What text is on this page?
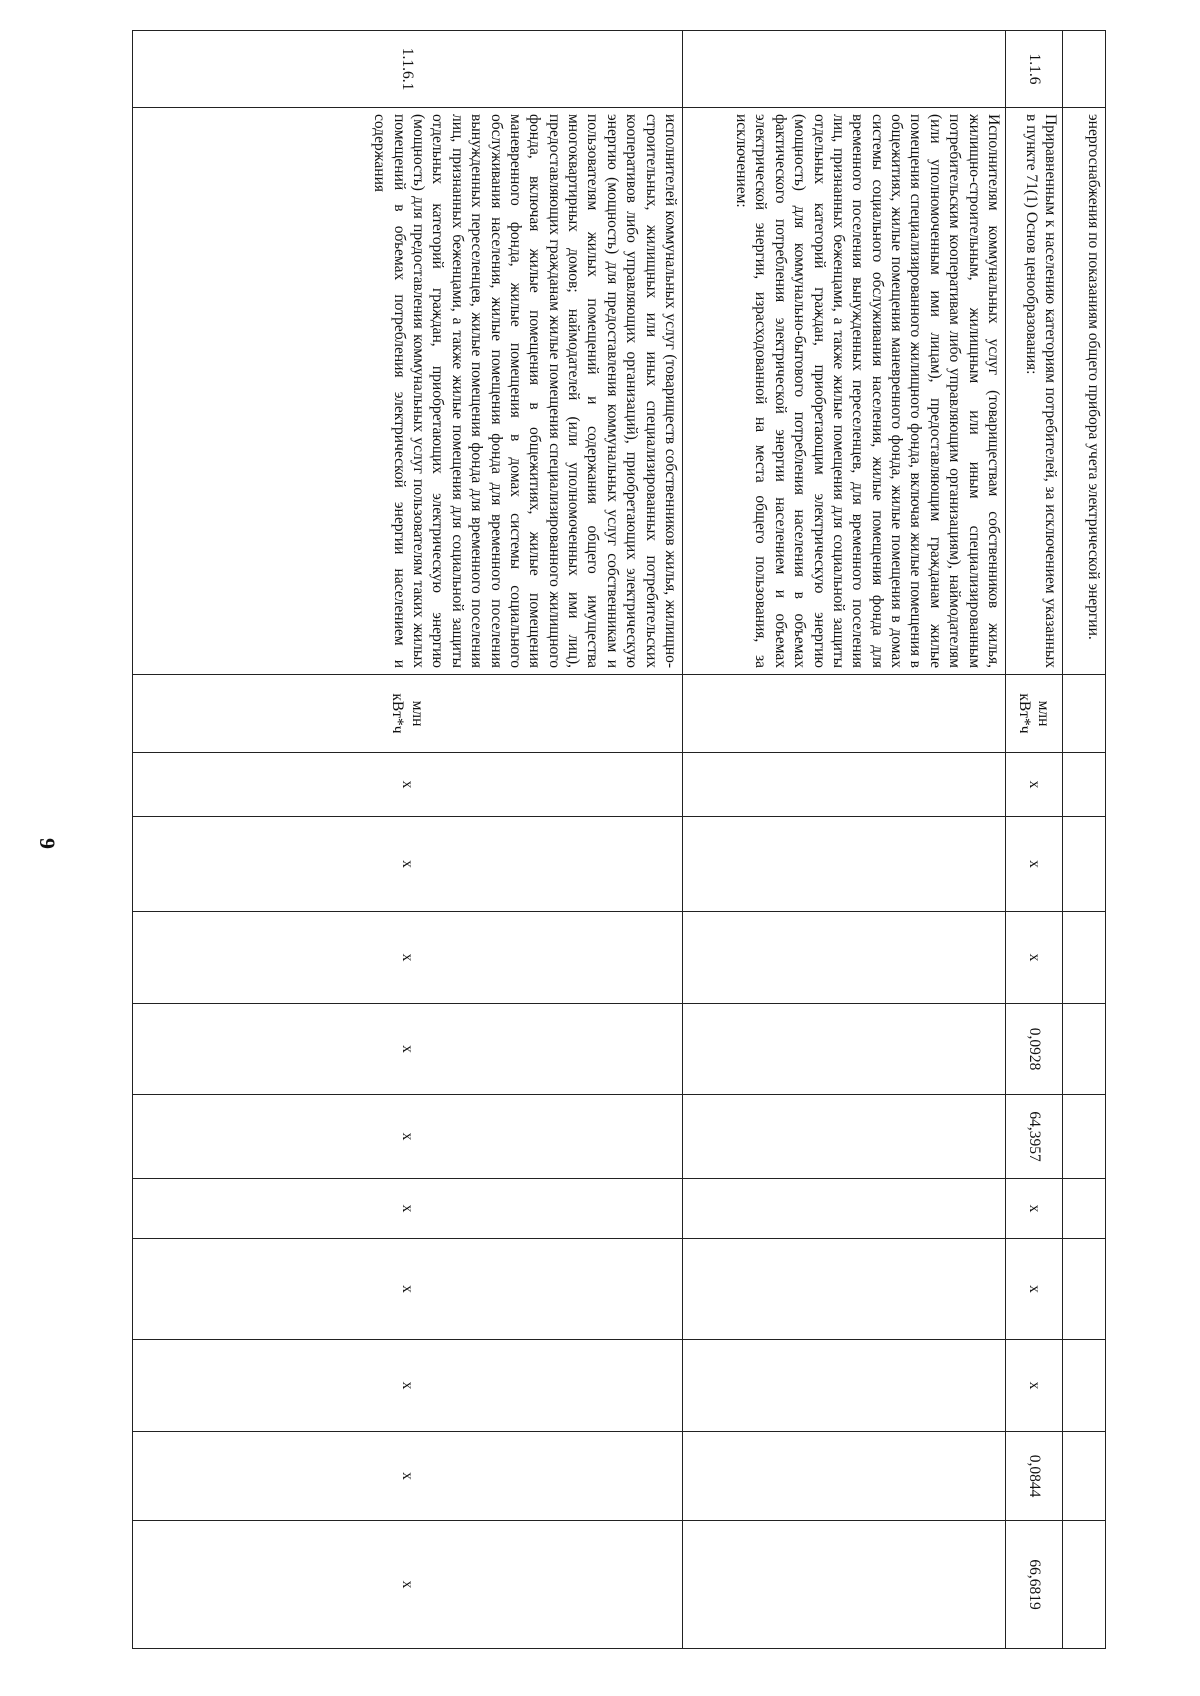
9
	энергоснабжения по показаниям общего прибора учета электрической энергии.											
1.1.6	Приравненным к населению категориям потребителей, за исключением указанных в пункте 71(1) Основ ценообразования:	млн кВт*ч	x	x	x	0,0928	64,3957	x	x	x	0,0844	66,6819
	Исполнителям коммунальных услуг (товариществам собственников жилья, жилищно-строительным, жилищным или иным специализированным потребительским кооперативам либо управляющим организациям), наймодателям (или уполномоченным ими лицам), предоставляющим гражданам жилые помещения специализированного жилищного фонда, включая жилые помещения в общежитиях, жилые помещения маневренного фонда, жилые помещения в домах системы социального обслуживания населения, жилые помещения фонда для временного поселения вынужденных переселенцев, для временного поселения лиц, признанных беженцами, а также жилые помещения для социальной защиты отдельных категорий граждан, приобретающим электрическую энергию (мощность) для коммунально-бытового потребления населения в объемах фактического потребления электрической энергии населением и объемах электрической энергии, израсходованной на места общего пользования, за исключением:											
1.1.6.1	исполнителей коммунальных услуг (товариществ собственников жилья, жилищно-строительных, жилищных или иных специализированных потребительских кооперативов либо управляющих организаций), приобретающих электрическую энергию (мощность) для предоставления коммунальных услуг собственникам и пользователям жилых помещений и содержания общего имущества многоквартирных домов; наймодателей (или уполномоченных ими лиц), предоставляющих гражданам жилые помещения специализированного жилищного фонда, включая жилые помещения в общежитиях, жилые помещения маневренного фонда, жилые помещения в домах системы социального обслуживания населения, жилые помещения фонда для временного поселения вынужденных переселенцев, жилые помещения фонда для временного поселения лиц, признанных беженцами, а также жилые помещения для социальной защиты отдельных категорий граждан, приобретающих электрическую энергию (мощность) для предоставления коммунальных услуг пользователям таких жилых помещений в объемах потребления электрической энергии населением и содержания	млн кВт*ч	x	x	x	x	x	x	x	x	x	x
